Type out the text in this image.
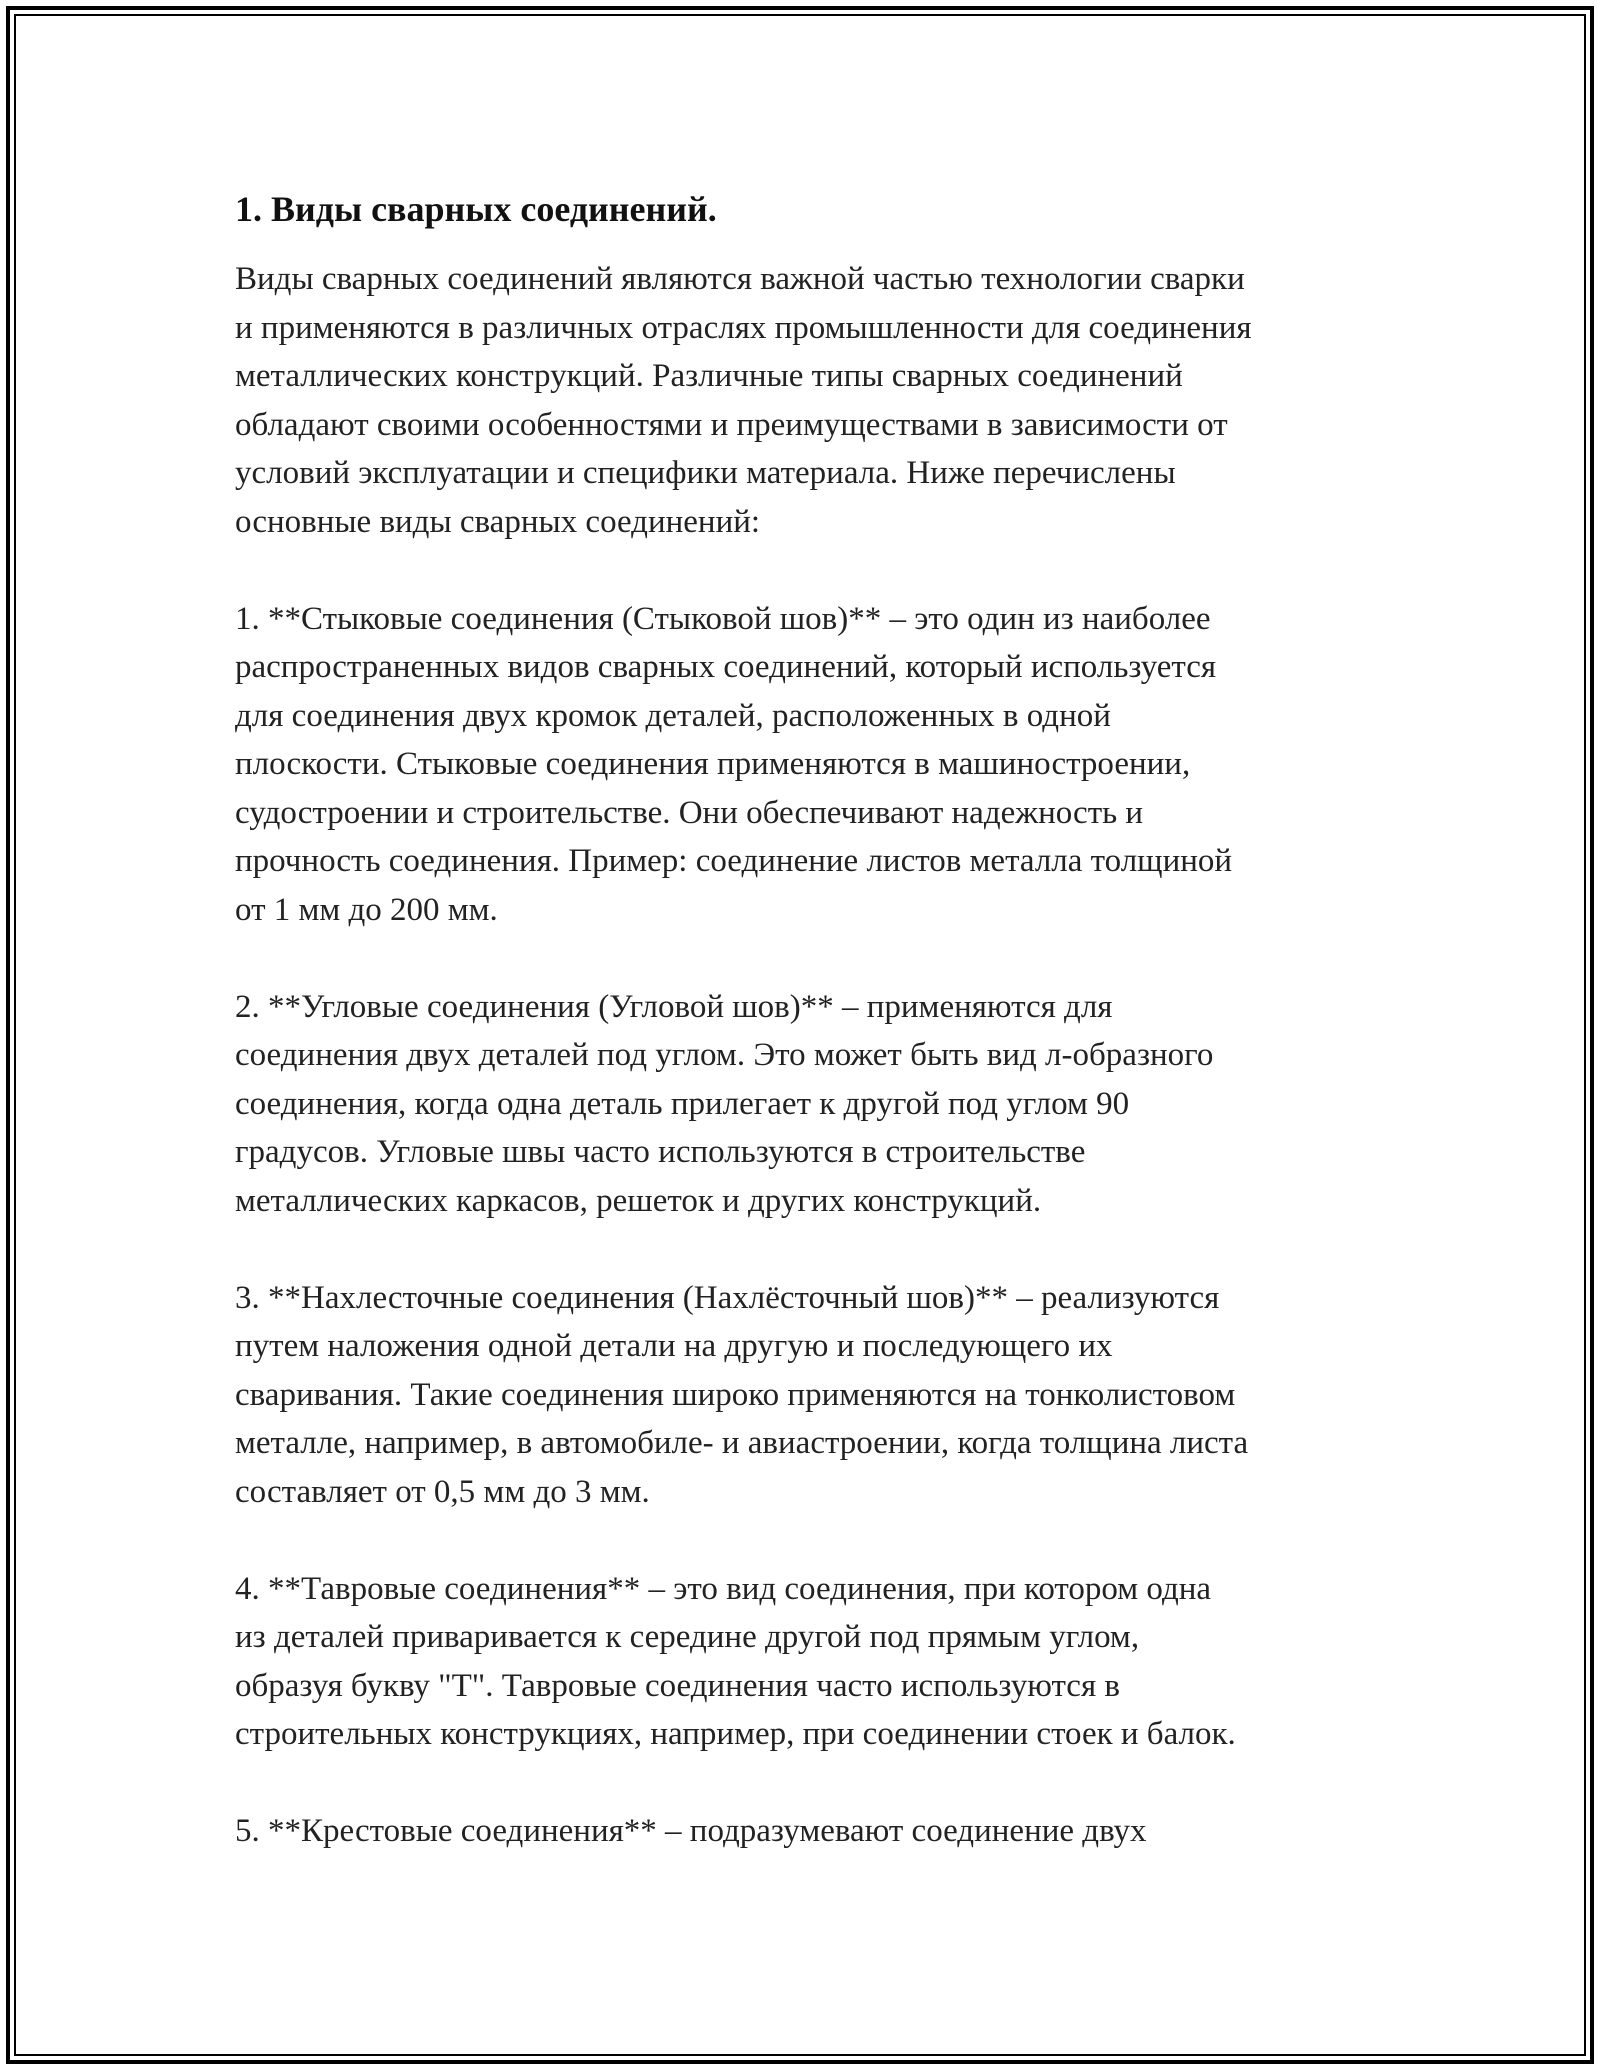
1. Виды сварных соединений.
Виды сварных соединений являются важной частью технологии сварки
и применяются в различных отраслях промышленности для соединения
металлических конструкций. Различные типы сварных соединений
обладают своими особенностями и преимуществами в зависимости от
условий эксплуатации и специфики материала. Ниже перечислены
основные виды сварных соединений:
1. **Стыковые соединения (Стыковой шов)** – это один из наиболее
распространенных видов сварных соединений, который используется
для соединения двух кромок деталей, расположенных в одной
плоскости. Стыковые соединения применяются в машиностроении,
судостроении и строительстве. Они обеспечивают надежность и
прочность соединения. Пример: соединение листов металла толщиной
от 1 мм до 200 мм.
2. **Угловые соединения (Угловой шов)** – применяются для
соединения двух деталей под углом. Это может быть вид л-образного
соединения, когда одна деталь прилегает к другой под углом 90
градусов. Угловые швы часто используются в строительстве
металлических каркасов, решеток и других конструкций.
3. **Нахлесточные соединения (Нахлёсточный шов)** – реализуются
путем наложения одной детали на другую и последующего их
сваривания. Такие соединения широко применяются на тонколистовом
металле, например, в автомобиле- и авиастроении, когда толщина листа
составляет от 0,5 мм до 3 мм.
4. **Тавровые соединения** – это вид соединения, при котором одна
из деталей приваривается к середине другой под прямым углом,
образуя букву "Т". Тавровые соединения часто используются в
строительных конструкциях, например, при соединении стоек и балок.
5. **Крестовые соединения** – подразумевают соединение двух
